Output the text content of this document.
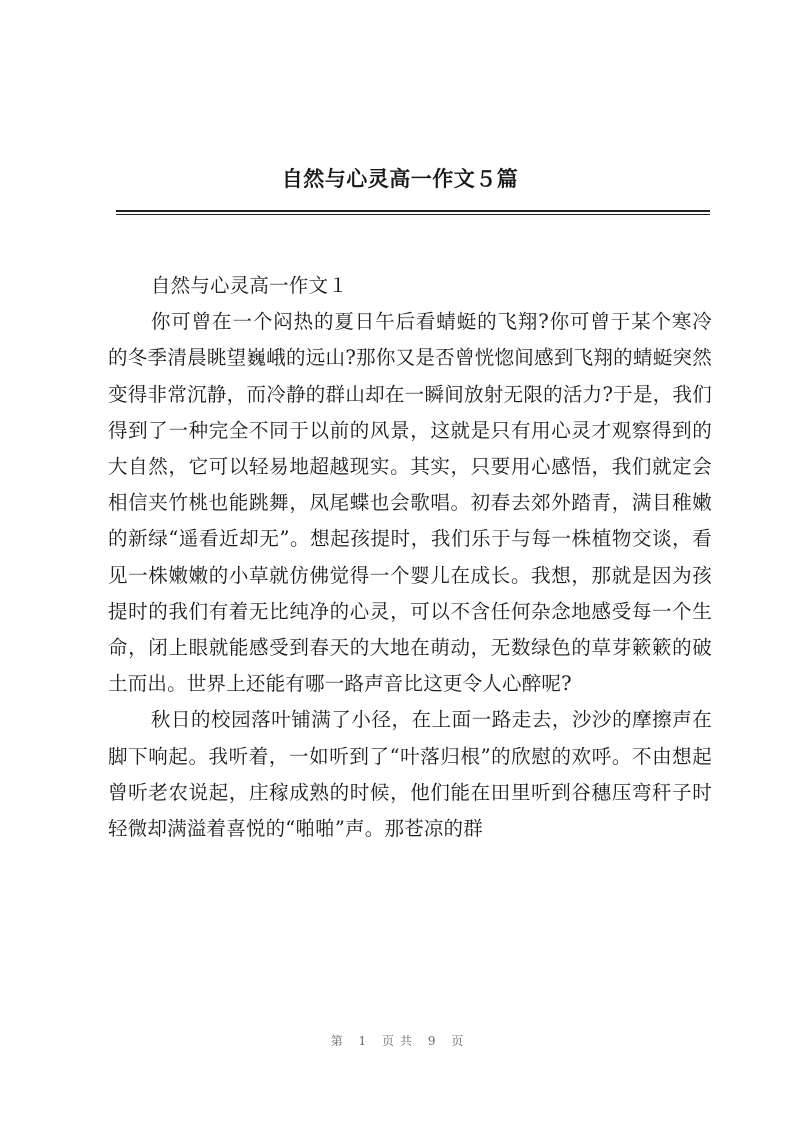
自然与心灵高一作文５篇

自然与心灵高一作文１

你可曾在一个闷热的夏日午后看蜻蜓的飞翔?你可曾于某个寒冷的冬季清晨眺望巍峨的远山?那你又是否曾恍惚间感到飞翔的蜻蜓突然变得非常沉静，而冷静的群山却在一瞬间放射无限的活力?于是，我们得到了一种完全不同于以前的风景，这就是只有用心灵才观察得到的大自然，它可以轻易地超越现实。其实，只要用心感悟，我们就定会相信夹竹桃也能跳舞，凤尾蝶也会歌唱。初春去郊外踏青，满目稚嫩的新绿“遥看近却无”。想起孩提时，我们乐于与每一株植物交谈，看见一株嫩嫩的小草就仿佛觉得一个婴儿在成长。我想，那就是因为孩提时的我们有着无比纯净的心灵，可以不含任何杂念地感受每一个生命，闭上眼就能感受到春天的大地在萌动，无数绿色的草芽簌簌的破土而出。世界上还能有哪一路声音比这更令人心醉呢?

秋日的校园落叶铺满了小径，在上面一路走去，沙沙的摩擦声在脚下响起。我听着，一如听到了“叶落归根”的欣慰的欢呼。不由想起曾听老农说起，庄稼成熟的时候，他们能在田里听到谷穗压弯秆子时轻微却满溢着喜悦的“啪啪”声。那苍凉的群

第 1 页共 9 页
